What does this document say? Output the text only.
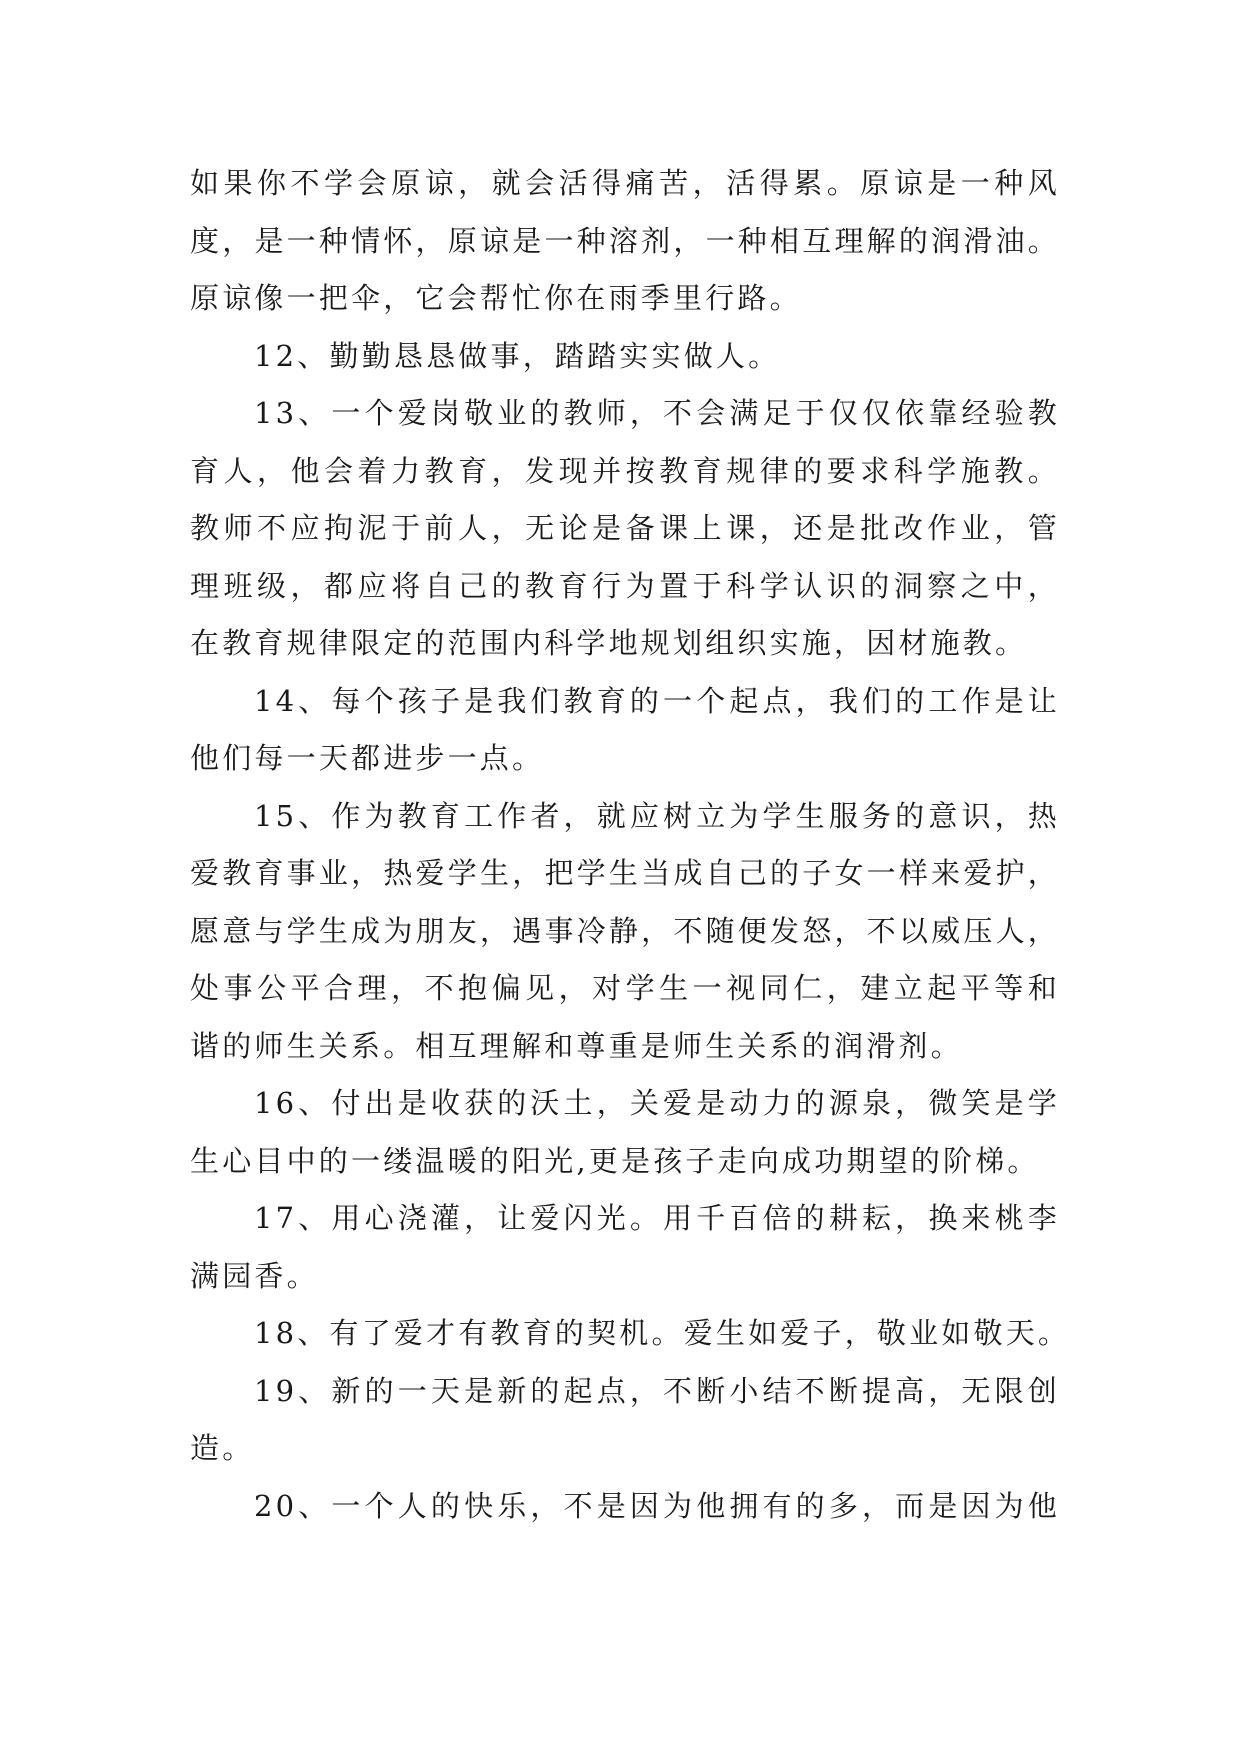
如果你不学会原谅，就会活得痛苦，活得累。原谅是一种风
度，是一种情怀，原谅是一种溶剂，一种相互理解的润滑油。
原谅像一把伞，它会帮忙你在雨季里行路。
12、勤勤恳恳做事，踏踏实实做人。
13、一个爱岗敬业的教师，不会满足于仅仅依靠经验教
育人，他会着力教育，发现并按教育规律的要求科学施教。
教师不应拘泥于前人，无论是备课上课，还是批改作业，管
理班级，都应将自己的教育行为置于科学认识的洞察之中，
在教育规律限定的范围内科学地规划组织实施，因材施教。
14、每个孩子是我们教育的一个起点，我们的工作是让
他们每一天都进步一点。
15、作为教育工作者，就应树立为学生服务的意识，热
爱教育事业，热爱学生，把学生当成自己的子女一样来爱护，
愿意与学生成为朋友，遇事冷静，不随便发怒，不以威压人，
处事公平合理，不抱偏见，对学生一视同仁，建立起平等和
谐的师生关系。相互理解和尊重是师生关系的润滑剂。
16、付出是收获的沃土，关爱是动力的源泉，微笑是学
生心目中的一缕温暖的阳光,更是孩子走向成功期望的阶梯。
17、用心浇灌，让爱闪光。用千百倍的耕耘，换来桃李
满园香。
18、有了爱才有教育的契机。爱生如爱子，敬业如敬天。
19、新的一天是新的起点，不断小结不断提高，无限创
造。
20、一个人的快乐，不是因为他拥有的多，而是因为他
